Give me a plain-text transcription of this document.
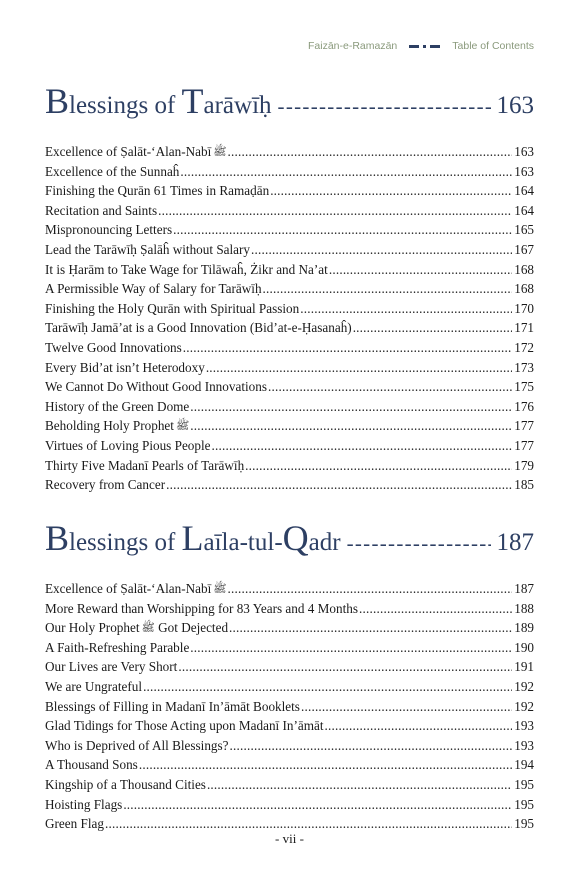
Faizān-e-Ramazān	Table of Contents
Blessings of Tarāwīḥ -----	163
Excellence of Ṣalāt-‘Alan-Nabī ﷺ .....	163
Excellence of the Sunnaĥ .....	163
Finishing the Qurān 61 Times in Ramaḍān .....	164
Recitation and Saints .....	164
Mispronouncing Letters .....	165
Lead the Tarāwīḥ Ṣalāĥ without Salary .....	167
It is Ḥarām to Take Wage for Tilāwaĥ, Żikr and Na’at .....	168
A Permissible Way of Salary for Tarāwīḥ .....	168
Finishing the Holy Qurān with Spiritual Passion .....	170
Tarāwīḥ Jamā’at is a Good Innovation (Bid’at-e-Ḥasanaĥ) .....	171
Twelve Good Innovations .....	172
Every Bid’at isn’t Heterodoxy .....	173
We Cannot Do Without Good Innovations .....	175
History of the Green Dome .....	176
Beholding Holy Prophet ﷺ .....	177
Virtues of Loving Pious People .....	177
Thirty Five Madanī Pearls of Tarāwīḥ .....	179
Recovery from Cancer .....	185
Blessings of Laīla-tul-Qadr -----	187
Excellence of Ṣalāt-‘Alan-Nabī ﷺ .....	187
More Reward than Worshipping for 83 Years and 4 Months .....	188
Our Holy Prophet ﷺ Got Dejected .....	189
A Faith-Refreshing Parable .....	190
Our Lives are Very Short .....	191
We are Ungrateful .....	192
Blessings of Filling in Madanī In’āmāt Booklets .....	192
Glad Tidings for Those Acting upon Madanī In’āmāt .....	193
Who is Deprived of All Blessings? .....	193
A Thousand Sons .....	194
Kingship of a Thousand Cities .....	195
Hoisting Flags .....	195
Green Flag .....	195
- vii -
